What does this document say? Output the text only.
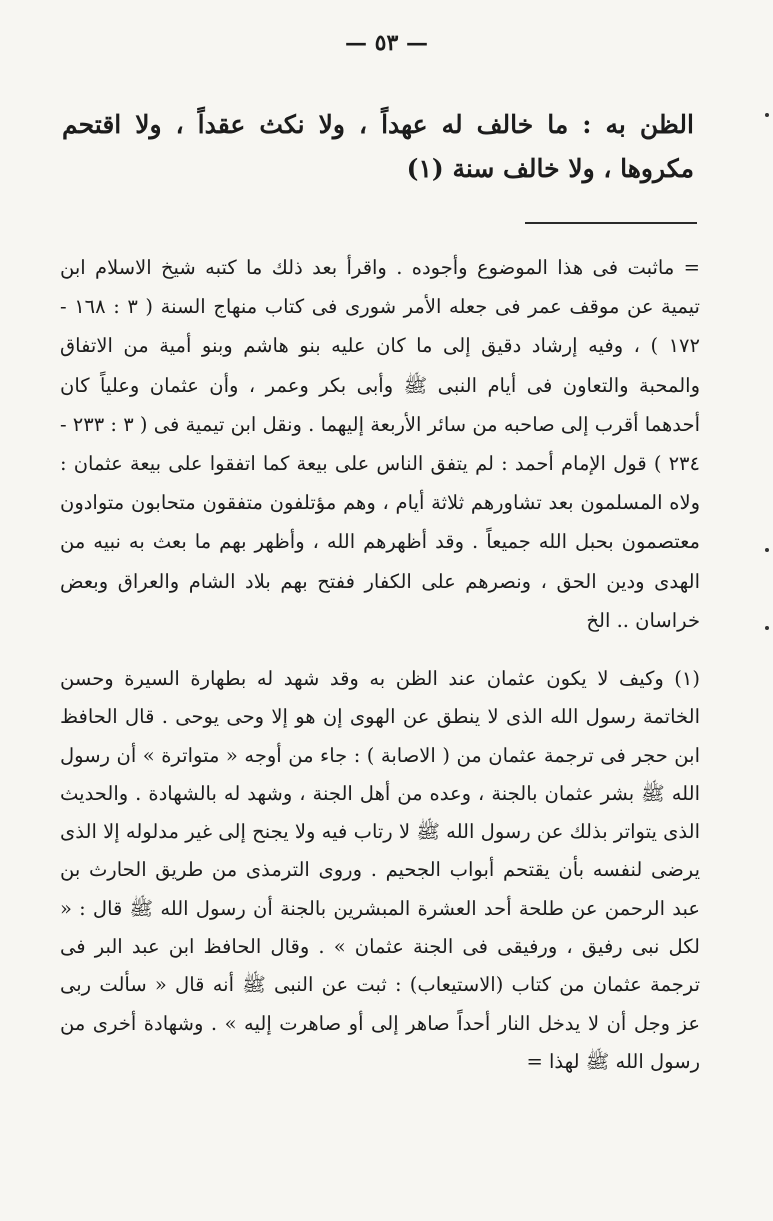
— ٥٣ —

الظن به : ما خالف له عهداً ، ولا نكث عقداً ، ولا اقتحم مكروها ، ولا خالف سنة (١)

= ماثبت فى هذا الموضوع وأجوده . واقرأ بعد ذلك ما كتبه شيخ الاسلام ابن تيمية عن موقف عمر فى جعله الأمر شورى فى كتاب منهاج السنة ( ٣ : ١٦٨ - ١٧٢ ) ، وفيه إرشاد دقيق إلى ما كان عليه بنو هاشم وبنو أمية من الاتفاق والمحبة والتعاون فى أيام النبى ﷺ وأبى بكر وعمر ، وأن عثمان وعلياً كان أحدهما أقرب إلى صاحبه من سائر الأربعة إليهما . ونقل ابن تيمية فى ( ٣ : ٢٣٣ - ٢٣٤ ) قول الإمام أحمد : لم يتفق الناس على بيعة كما اتفقوا على بيعة عثمان : ولاه المسلمون بعد تشاورهم ثلاثة أيام ، وهم مؤتلفون متفقون متحابون متوادون معتصمون بحبل الله جميعاً . وقد أظهرهم الله ، وأظهر بهم ما بعث به نبيه من الهدى ودين الحق ، ونصرهم على الكفار ففتح بهم بلاد الشام والعراق وبعض خراسان .. الخ

(١) وكيف لا يكون عثمان عند الظن به وقد شهد له بطهارة السيرة وحسن الخاتمة رسول الله الذى لا ينطق عن الهوى إن هو إلا وحى يوحى . قال الحافظ ابن حجر فى ترجمة عثمان من ( الاصابة ) : جاء من أوجه « متواترة » أن رسول الله ﷺ بشر عثمان بالجنة ، وعده من أهل الجنة ، وشهد له بالشهادة . والحديث الذى يتواتر بذلك عن رسول الله ﷺ لا رتاب فيه ولا يجنح إلى غير مدلوله إلا الذى يرضى لنفسه بأن يقتحم أبواب الجحيم . وروى الترمذى من طريق الحارث بن عبد الرحمن عن طلحة أحد العشرة المبشرين بالجنة أن رسول الله ﷺ قال : « لكل نبى رفيق ، ورفيقى فى الجنة عثمان » . وقال الحافظ ابن عبد البر فى ترجمة عثمان من كتاب (الاستيعاب) : ثبت عن النبى ﷺ أنه قال « سألت ربى عز وجل أن لا يدخل النار أحداً صاهر إلى أو صاهرت إليه » . وشهادة أخرى من رسول الله ﷺ لهذا =
